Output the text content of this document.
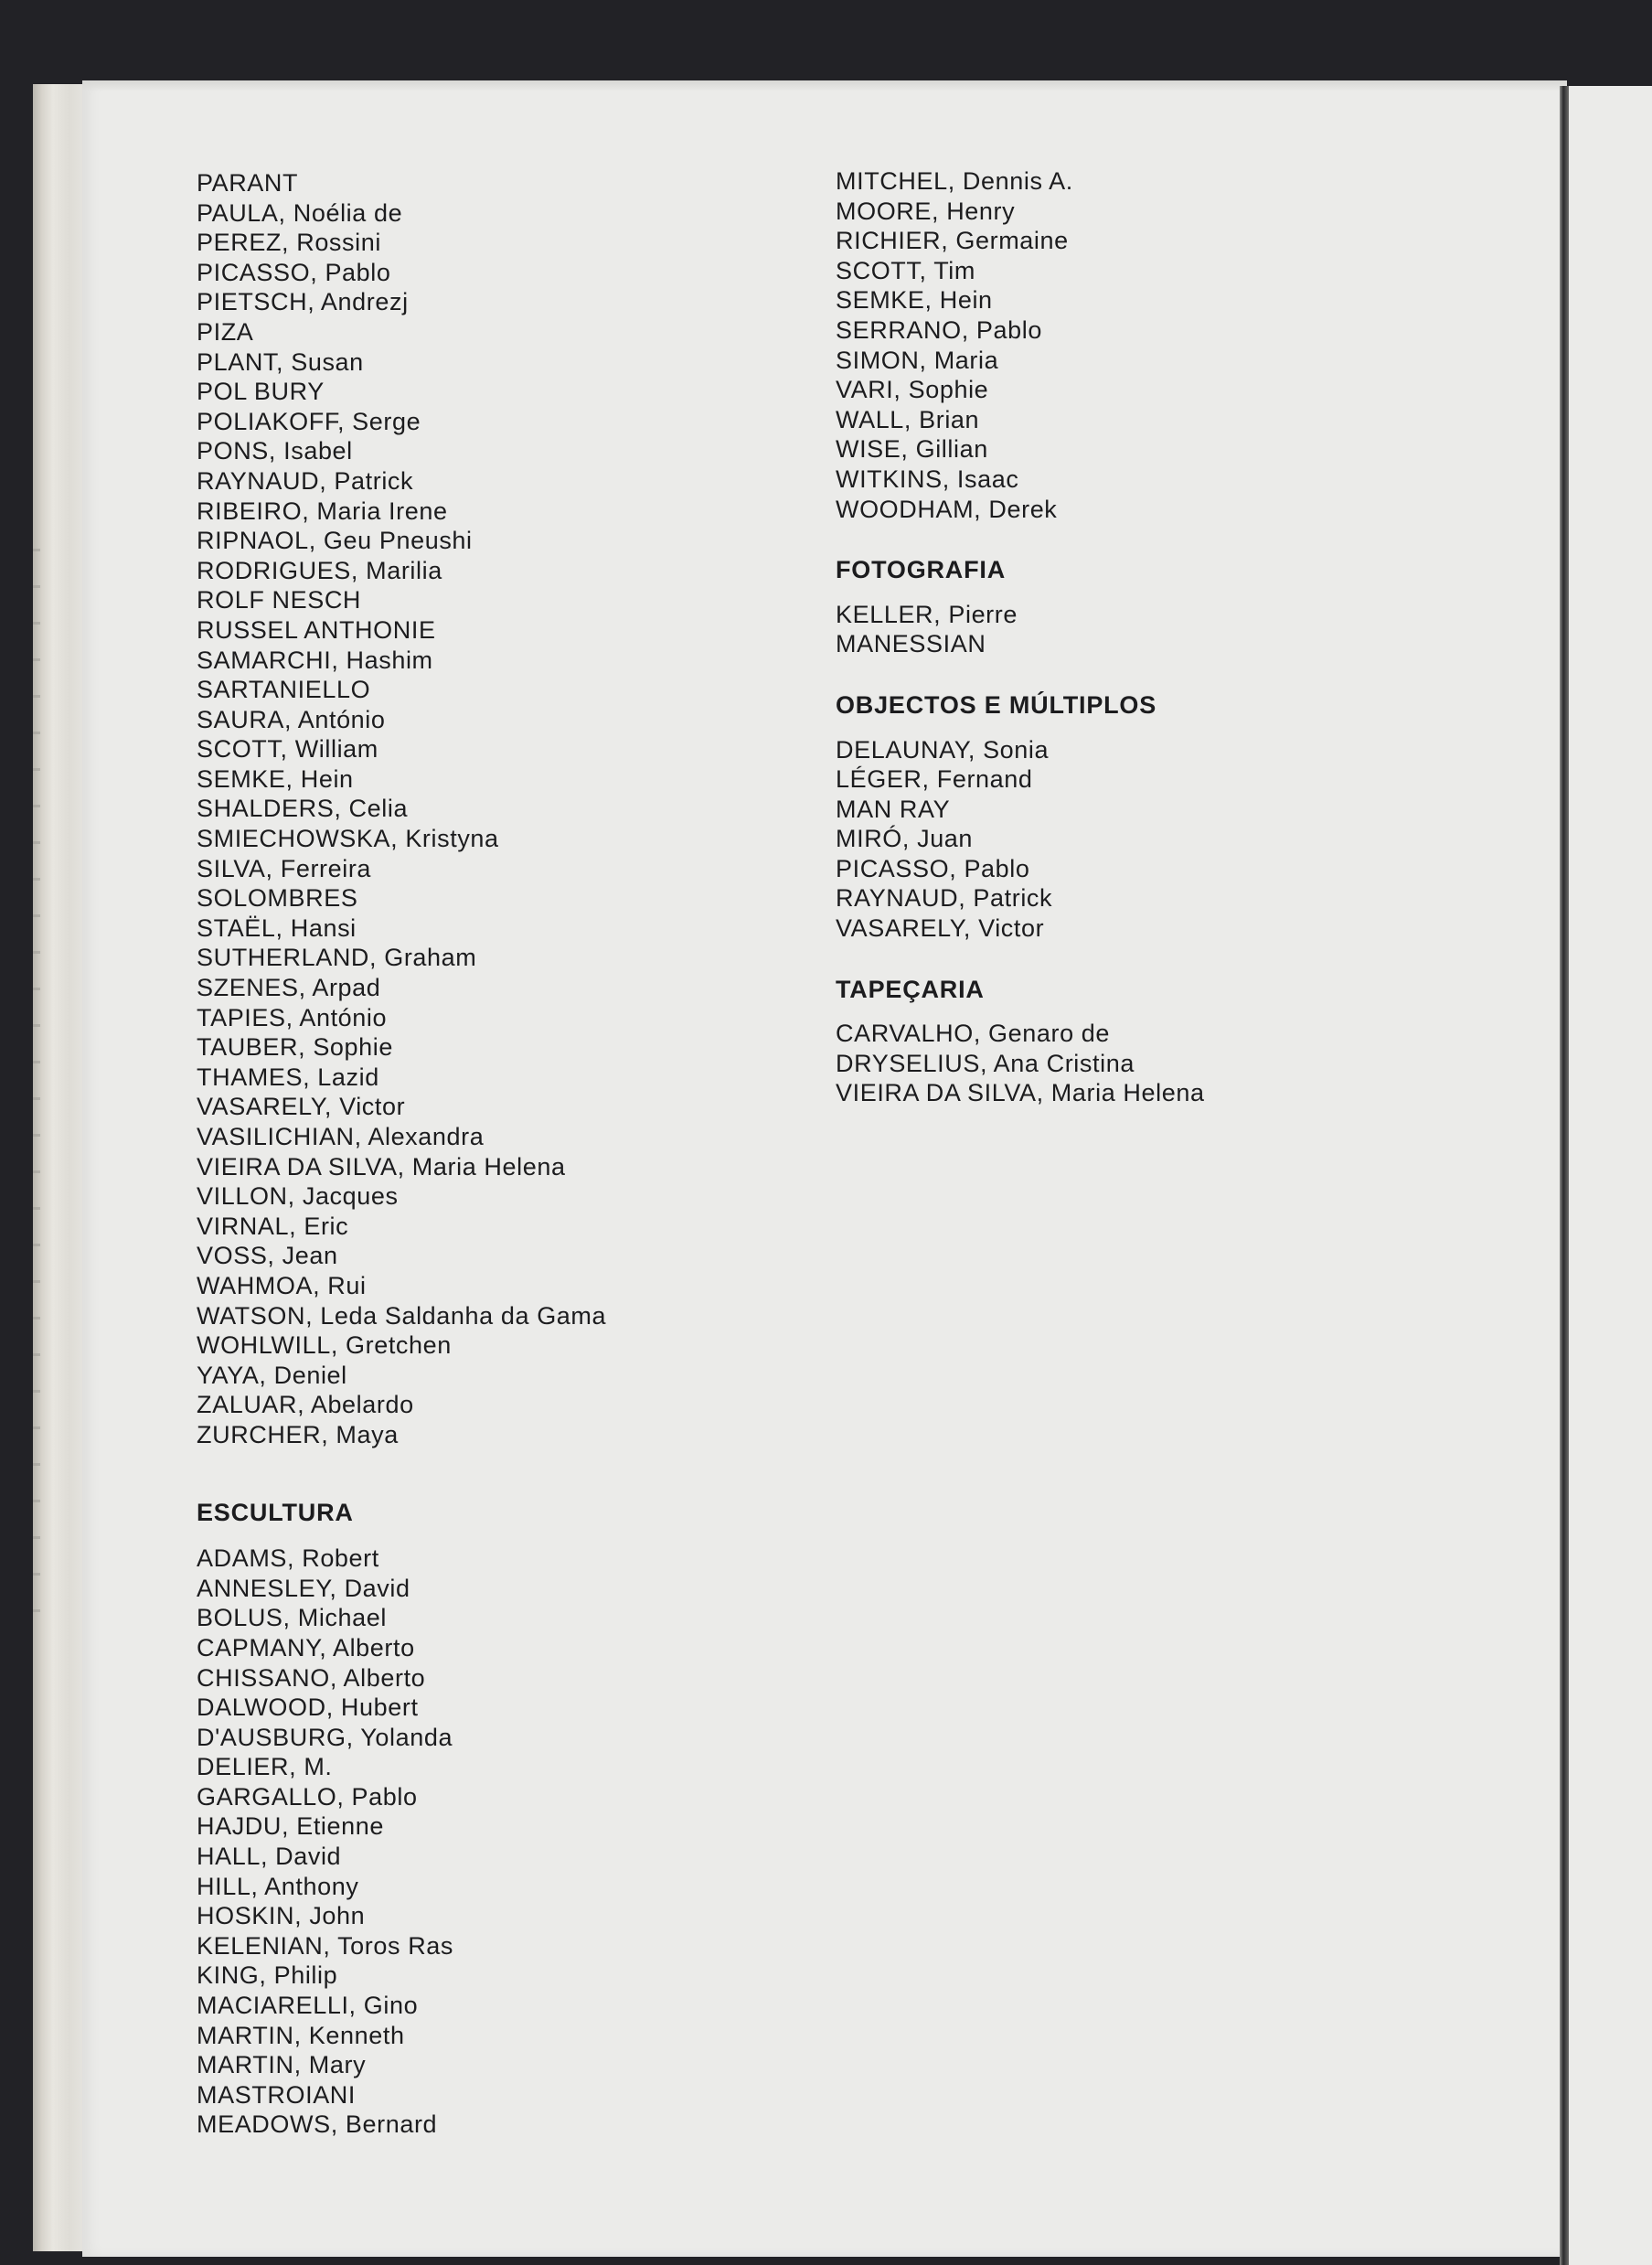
PARANT
PAULA, Noélia de
PEREZ, Rossini
PICASSO, Pablo
PIETSCH, Andrezj
PIZA
PLANT, Susan
POL BURY
POLIAKOFF, Serge
PONS, Isabel
RAYNAUD, Patrick
RIBEIRO, Maria Irene
RIPNAOL, Geu Pneushi
RODRIGUES, Marilia
ROLF NESCH
RUSSEL ANTHONIE
SAMARCHI, Hashim
SARTANIELLO
SAURA, António
SCOTT, William
SEMKE, Hein
SHALDERS, Celia
SMIECHOWSKA, Kristyna
SILVA, Ferreira
SOLOMBRES
STAËL, Hansi
SUTHERLAND, Graham
SZENES, Arpad
TAPIES, António
TAUBER, Sophie
THAMES, Lazid
VASARELY, Victor
VASILICHIAN, Alexandra
VIEIRA DA SILVA, Maria Helena
VILLON, Jacques
VIRNAL, Eric
VOSS, Jean
WAHMOA, Rui
WATSON, Leda Saldanha da Gama
WOHLWILL, Gretchen
YAYA, Deniel
ZALUAR, Abelardo
ZURCHER, Maya
ESCULTURA
ADAMS, Robert
ANNESLEY, David
BOLUS, Michael
CAPMANY, Alberto
CHISSANO, Alberto
DALWOOD, Hubert
D'AUSBURG, Yolanda
DELIER, M.
GARGALLO, Pablo
HAJDU, Etienne
HALL, David
HILL, Anthony
HOSKIN, John
KELENIAN, Toros Ras
KING, Philip
MACIARELLI, Gino
MARTIN, Kenneth
MARTIN, Mary
MASTROIANI
MEADOWS, Bernard
MITCHEL, Dennis A.
MOORE, Henry
RICHIER, Germaine
SCOTT, Tim
SEMKE, Hein
SERRANO, Pablo
SIMON, Maria
VARI, Sophie
WALL, Brian
WISE, Gillian
WITKINS, Isaac
WOODHAM, Derek
FOTOGRAFIA
KELLER, Pierre
MANESSIAN
OBJECTOS E MÚLTIPLOS
DELAUNAY, Sonia
LÉGER, Fernand
MAN RAY
MIRÓ, Juan
PICASSO, Pablo
RAYNAUD, Patrick
VASARELY, Victor
TAPEÇARIA
CARVALHO, Genaro de
DRYSELIUS, Ana Cristina
VIEIRA DA SILVA, Maria Helena
